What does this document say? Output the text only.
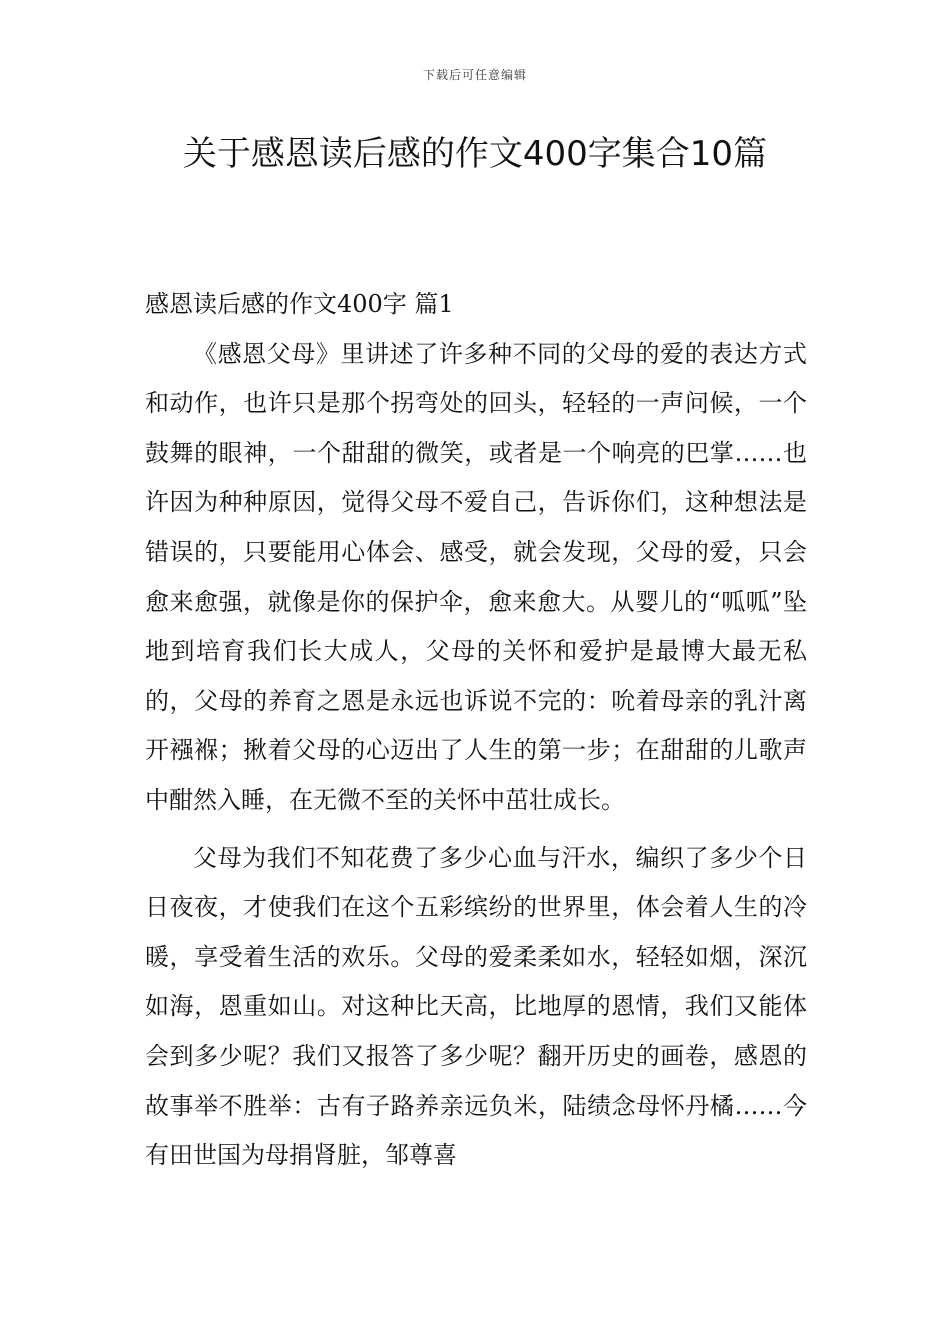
下载后可任意编辑
关于感恩读后感的作文400字集合10篇
感恩读后感的作文400字 篇1

《感恩父母》里讲述了许多种不同的父母的爱的表达方式和动作，也许只是那个拐弯处的回头，轻轻的一声问候，一个鼓舞的眼神，一个甜甜的微笑，或者是一个响亮的巴掌……也许因为种种原因，觉得父母不爱自己，告诉你们，这种想法是错误的，只要能用心体会、感受，就会发现，父母的爱，只会愈来愈强，就像是你的保护伞，愈来愈大。从婴儿的“呱呱”坠地到培育我们长大成人，父母的关怀和爱护是最博大最无私的，父母的养育之恩是永远也诉说不完的：吮着母亲的乳汁离开襁褓；揪着父母的心迈出了人生的第一步；在甜甜的儿歌声中酣然入睡，在无微不至的关怀中茁壮成长。

父母为我们不知花费了多少心血与汗水，编织了多少个日日夜夜，才使我们在这个五彩缤纷的世界里，体会着人生的冷暖，享受着生活的欢乐。父母的爱柔柔如水，轻轻如烟，深沉如海，恩重如山。对这种比天高，比地厚的恩情，我们又能体会到多少呢？我们又报答了多少呢？翻开历史的画卷，感恩的故事举不胜举：古有子路养亲远负米，陆绩念母怀丹橘……今有田世国为母捐肾脏，邹尊喜
